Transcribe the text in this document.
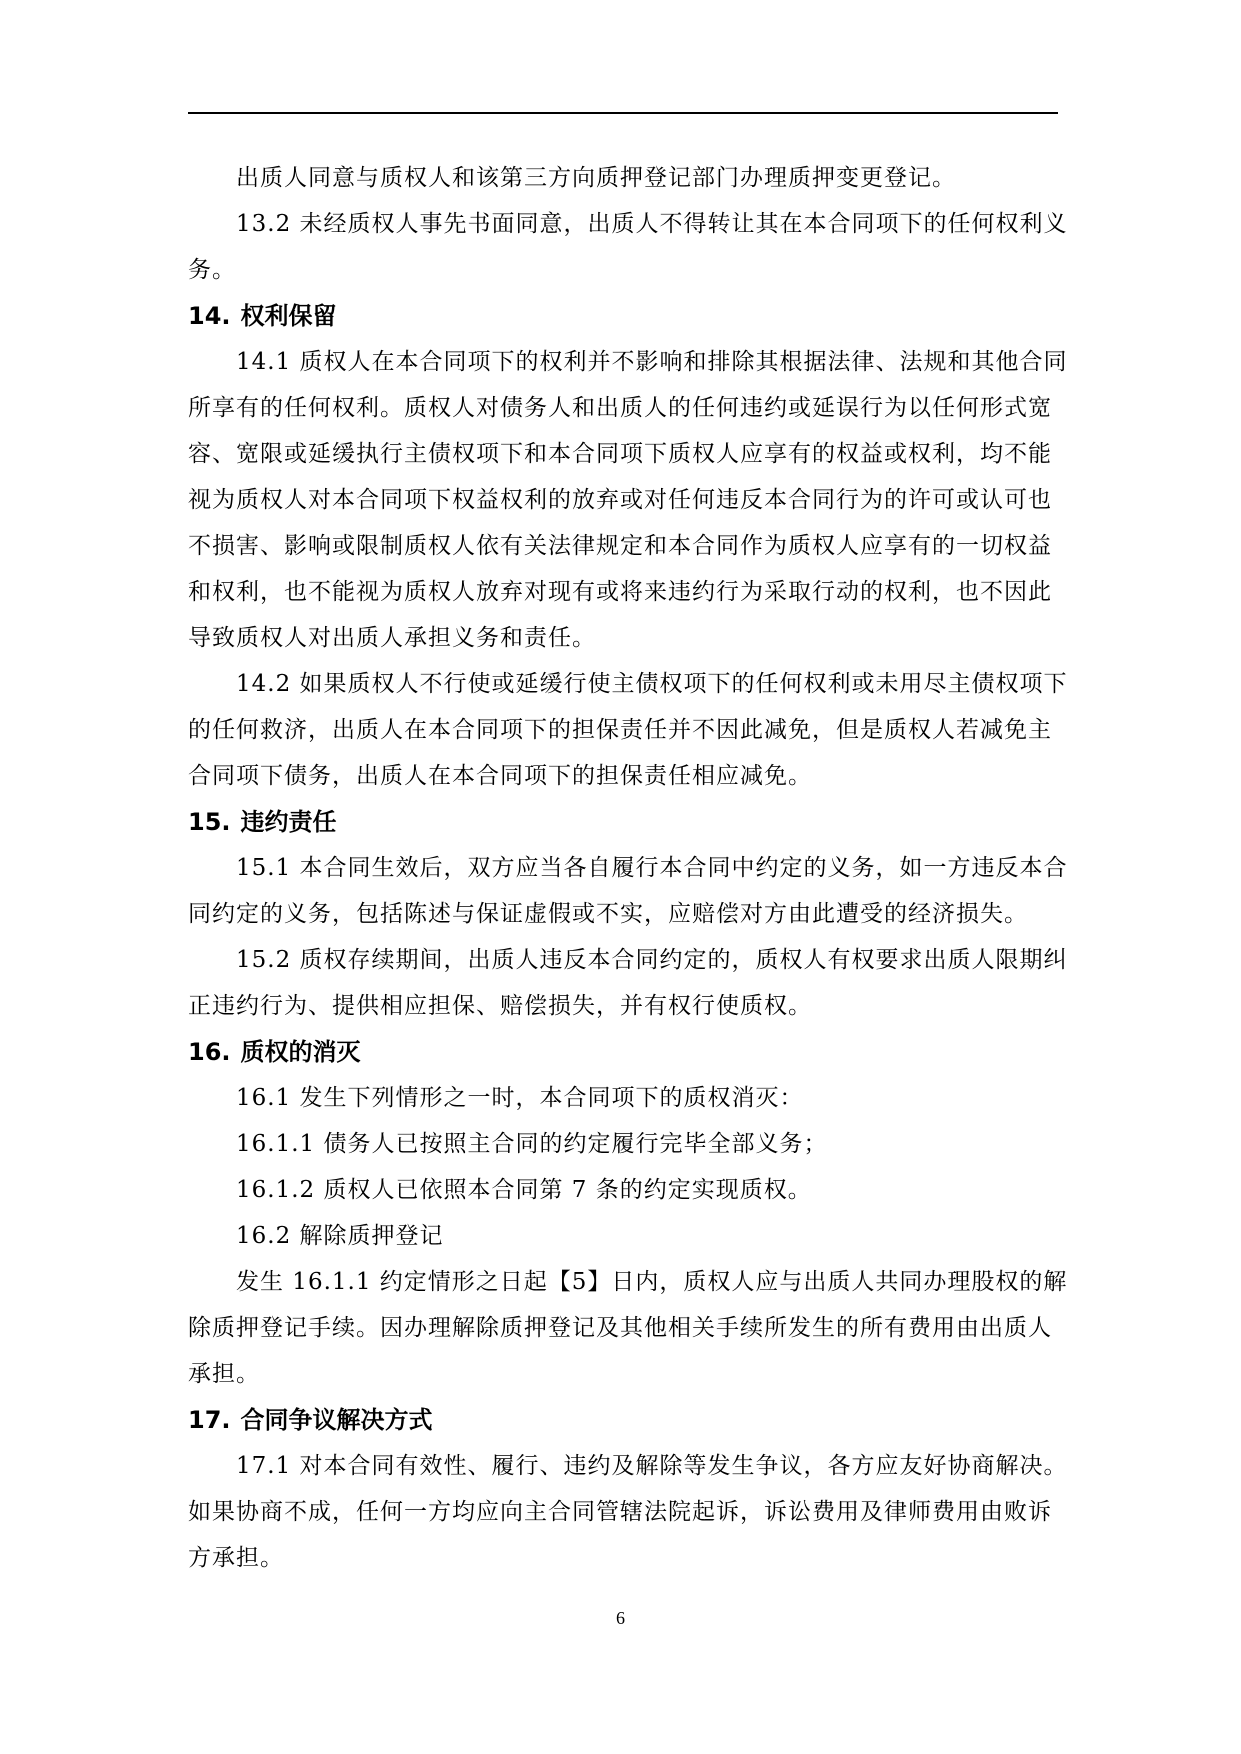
出质人同意与质权人和该第三方向质押登记部门办理质押变更登记。

13.2 未经质权人事先书面同意，出质人不得转让其在本合同项下的任何权利义务。

14. 权利保留

14.1 质权人在本合同项下的权利并不影响和排除其根据法律、法规和其他合同所享有的任何权利。质权人对债务人和出质人的任何违约或延误行为以任何形式宽容、宽限或延缓执行主债权项下和本合同项下质权人应享有的权益或权利，均不能视为质权人对本合同项下权益权利的放弃或对任何违反本合同行为的许可或认可也不损害、影响或限制质权人依有关法律规定和本合同作为质权人应享有的一切权益和权利，也不能视为质权人放弃对现有或将来违约行为采取行动的权利，也不因此导致质权人对出质人承担义务和责任。

14.2 如果质权人不行使或延缓行使主债权项下的任何权利或未用尽主债权项下的任何救济，出质人在本合同项下的担保责任并不因此减免，但是质权人若减免主合同项下债务，出质人在本合同项下的担保责任相应减免。

15. 违约责任

15.1 本合同生效后，双方应当各自履行本合同中约定的义务，如一方违反本合同约定的义务，包括陈述与保证虚假或不实，应赔偿对方由此遭受的经济损失。

15.2 质权存续期间，出质人违反本合同约定的，质权人有权要求出质人限期纠正违约行为、提供相应担保、赔偿损失，并有权行使质权。

16. 质权的消灭

16.1 发生下列情形之一时，本合同项下的质权消灭：

16.1.1 债务人已按照主合同的约定履行完毕全部义务；

16.1.2 质权人已依照本合同第 7 条的约定实现质权。

16.2 解除质押登记

发生 16.1.1 约定情形之日起【5】日内，质权人应与出质人共同办理股权的解除质押登记手续。因办理解除质押登记及其他相关手续所发生的所有费用由出质人承担。

17. 合同争议解决方式

17.1 对本合同有效性、履行、违约及解除等发生争议，各方应友好协商解决。如果协商不成，任何一方均应向主合同管辖法院起诉，诉讼费用及律师费用由败诉方承担。

6
